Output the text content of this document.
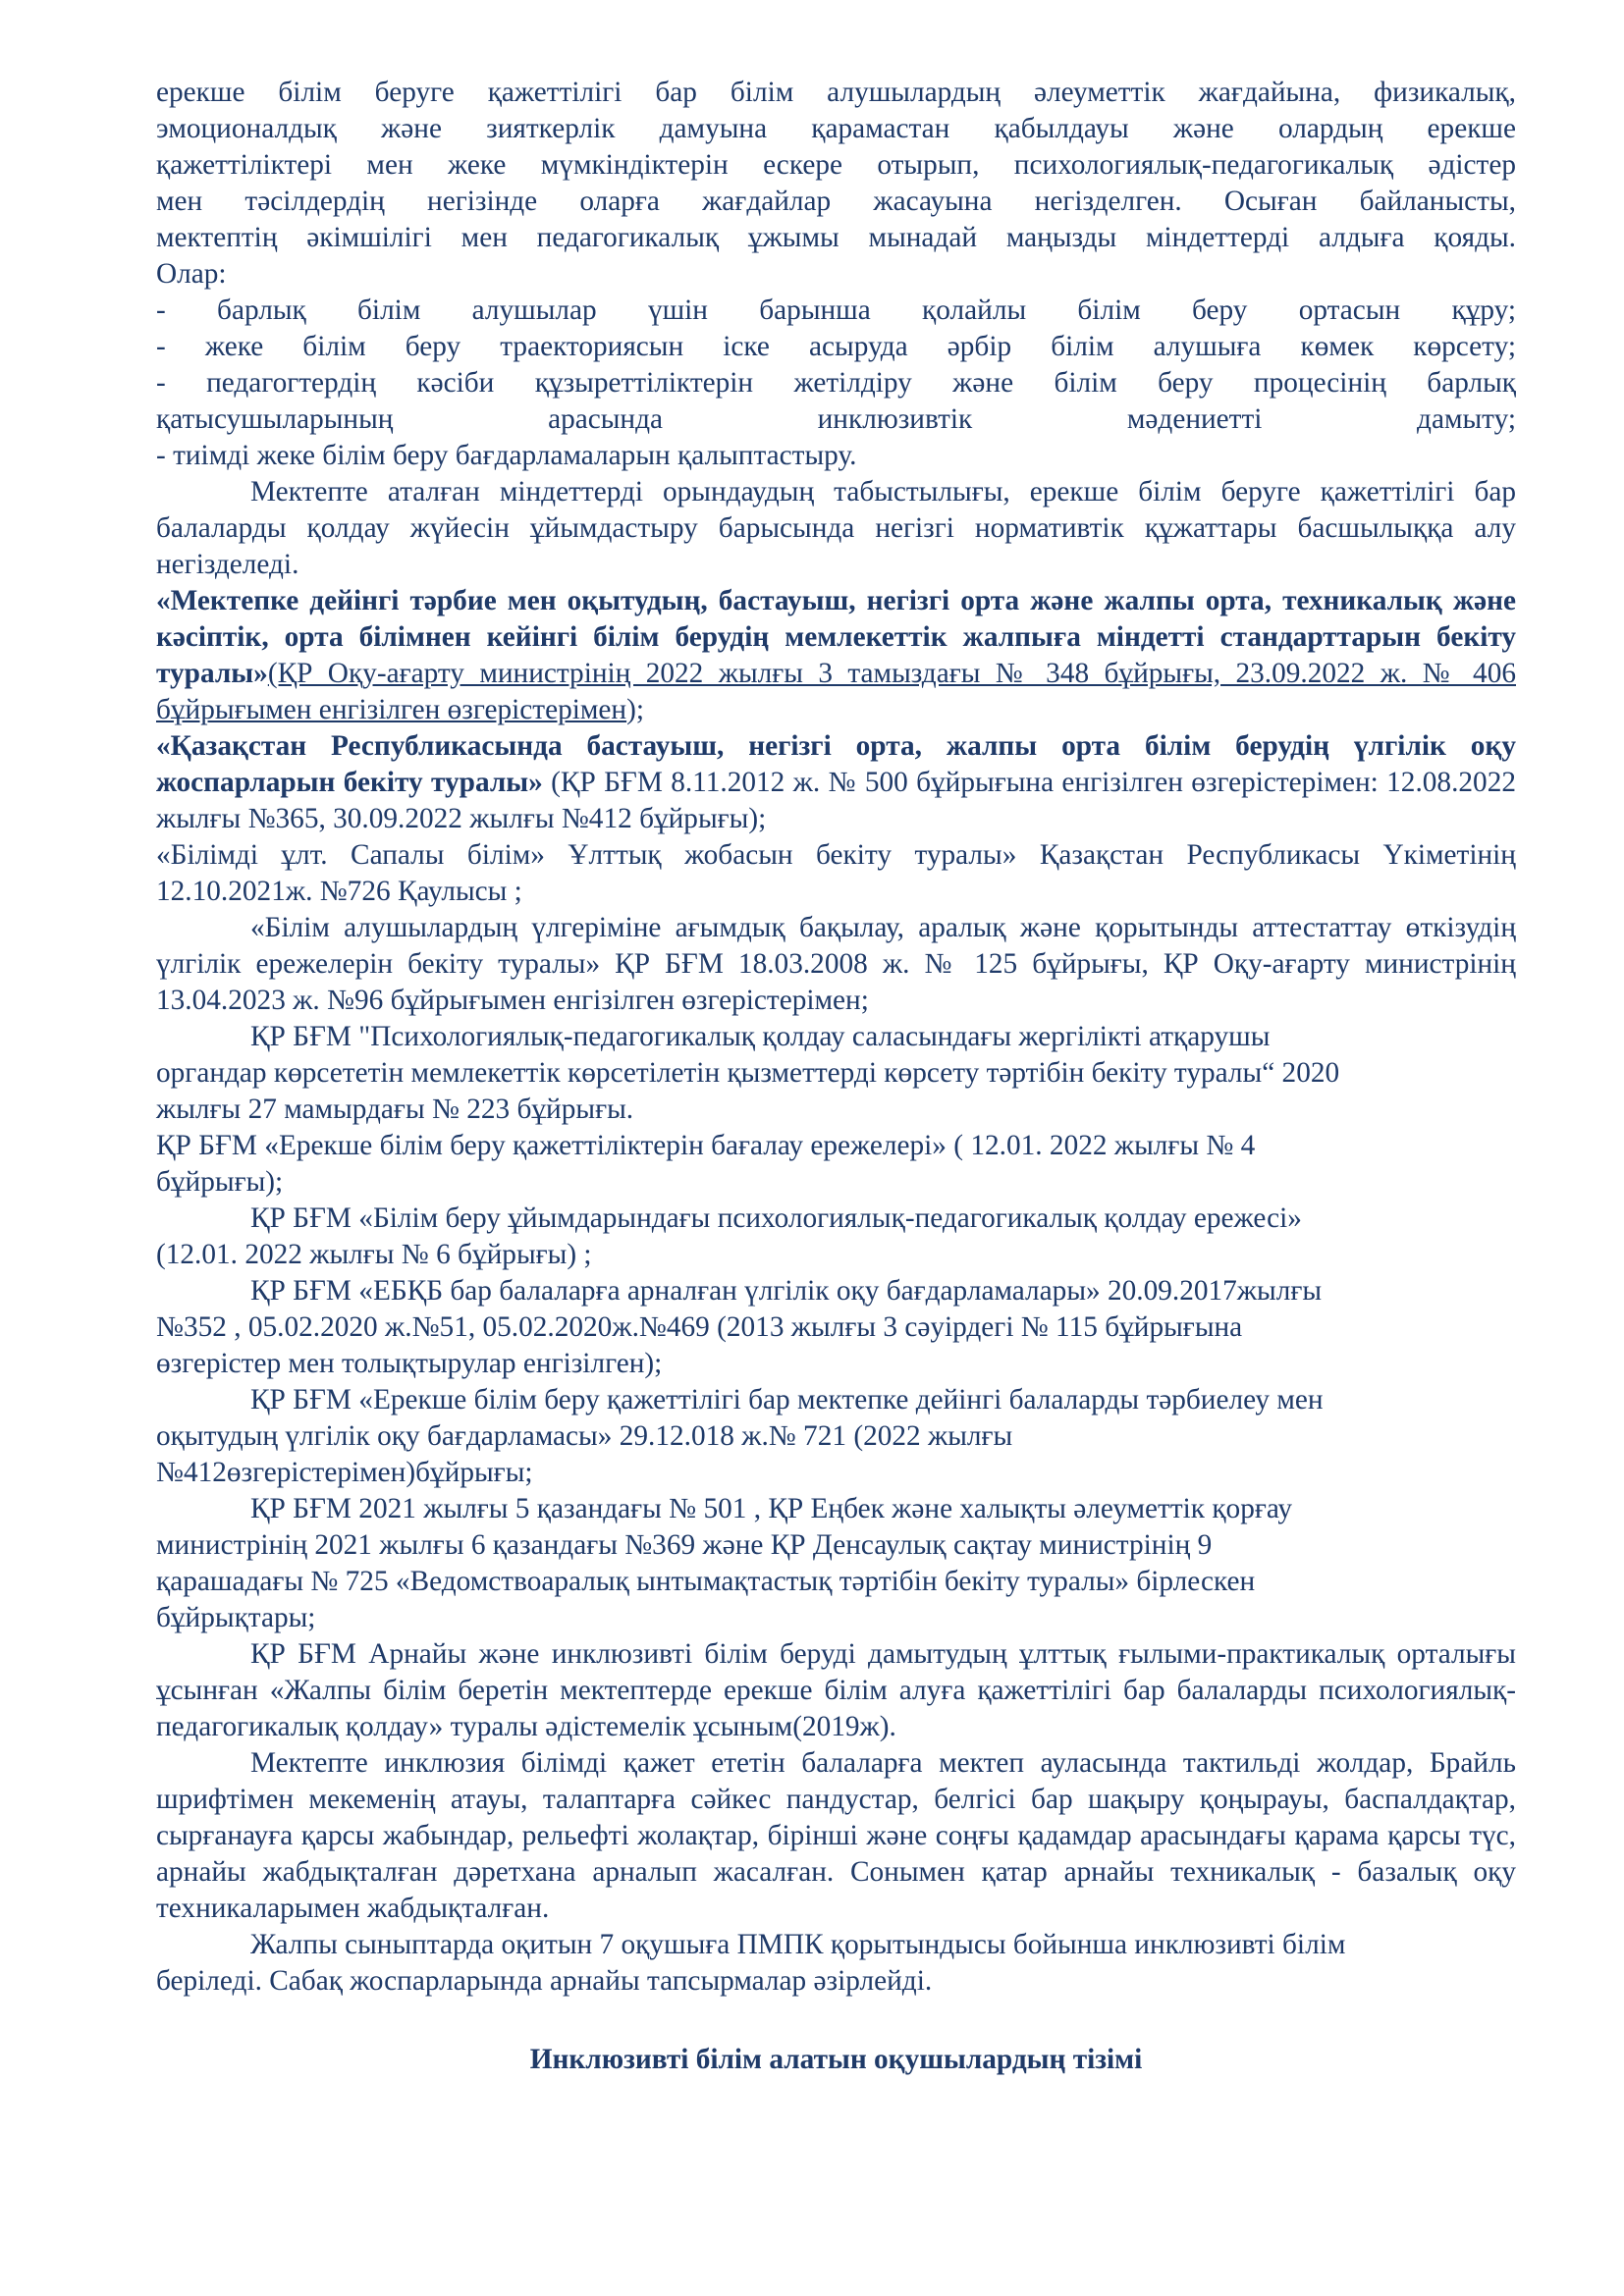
ерекше білім беруге қажеттілігі бар білім алушылардың әлеуметтік жағдайына, физикалық,
эмоционалдық және зияткерлік дамуына қарамастан қабылдауы және олардың ерекше
қажеттіліктері мен жеке мүмкіндіктерін ескере отырып, психологиялық-педагогикалық әдістер
мен тәсілдердің негізінде оларға жағдайлар жасауына негізделген. Осыған байланысты,
мектептің әкімшілігі мен педагогикалық ұжымы мынадай маңызды міндеттерді алдыға қояды.
Олар:

- барлық білім алушылар үшін барынша қолайлы білім беру ортасын құру;

- жеке білім беру траекториясын іске асыруда әрбір білім алушыға көмек көрсету;

- педагогтердің кәсіби құзыреттіліктерін жетілдіру және білім беру процесінің барлық

қатысушыларының арасында инклюзивтік мәдениетті дамыту;

- тиімді жеке білім беру бағдарламаларын қалыптастыру.

Мектепте аталған міндеттерді орындаудың табыстылығы, ерекше білім беруге қажеттілігі бар балаларды қолдау жүйесін ұйымдастыру барысында негізгі нормативтік құжаттары басшылыққа алу негізделеді.

«Мектепке дейінгі тәрбие мен оқытудың, бастауыш, негізгі орта және жалпы орта, техникалық және кәсіптік, орта білімнен кейінгі білім берудің мемлекеттік жалпыға міндетті стандарттарын бекіту туралы»(ҚР Оқу-ағарту министрінің 2022 жылғы 3 тамыздағы № 348 бұйрығы, 23.09.2022 ж. № 406 бұйрығымен енгізілген өзгерістерімен);

«Қазақстан Республикасында бастауыш, негізгі орта, жалпы орта білім берудің үлгілік оқу жоспарларын бекіту туралы» (ҚР БҒМ 8.11.2012 ж. № 500 бұйрығына енгізілген өзгерістерімен: 12.08.2022 жылғы №365, 30.09.2022 жылғы №412 бұйрығы);

«Білімді ұлт. Сапалы білім» Ұлттық жобасын бекіту туралы» Қазақстан Республикасы Үкіметінің 12.10.2021ж. №726 Қаулысы ;

«Білім алушылардың үлгеріміне ағымдық бақылау, аралық және қорытынды аттестаттау өткізудің үлгілік ережелерін бекіту туралы» ҚР БҒМ 18.03.2008 ж. № 125 бұйрығы, ҚР Оқу-ағарту министрінің 13.04.2023 ж. №96 бұйрығымен енгізілген өзгерістерімен;

ҚР БҒМ "Психологиялық-педагогикалық қолдау саласындағы жергілікті атқарушы
органдар көрсететін мемлекеттік көрсетілетін қызметтерді көрсету тәртібін бекіту туралы“ 2020
жылғы 27 мамырдағы № 223 бұйрығы.

ҚР БҒМ «Ерекше білім беру қажеттіліктерін бағалау ережелері» ( 12.01. 2022 жылғы № 4
бұйрығы);

ҚР БҒМ «Білім беру ұйымдарындағы психологиялық-педагогикалық қолдау ережесі»
(12.01. 2022 жылғы № 6 бұйрығы) ;

ҚР БҒМ «ЕБҚБ бар балаларға арналған үлгілік оқу бағдарламалары» 20.09.2017жылғы
№352 , 05.02.2020 ж.№51, 05.02.2020ж.№469 (2013 жылғы 3 сәуірдегі № 115 бұйрығына
өзгерістер мен толықтырулар енгізілген);

ҚР БҒМ «Ерекше білім беру қажеттілігі бар мектепке дейінгі балаларды тәрбиелеу мен
оқытудың үлгілік оқу бағдарламасы» 29.12.018 ж.№ 721 (2022 жылғы
№412өзгерістерімен)бұйрығы;

ҚР БҒМ 2021 жылғы 5 қазандағы № 501 , ҚР Еңбек және халықты әлеуметтік қорғау
министрінің 2021 жылғы 6 қазандағы №369 және ҚР Денсаулық сақтау министрінің 9
қарашадағы № 725 «Ведомствоаралық ынтымақтастық тәртібін бекіту туралы» бірлескен
бұйрықтары;

ҚР БҒМ Арнайы және инклюзивті білім беруді дамытудың ұлттық ғылыми-практикалық орталығы ұсынған «Жалпы білім беретін мектептерде ерекше білім алуға қажеттілігі бар балаларды психологиялық-педагогикалық қолдау» туралы әдістемелік ұсыным(2019ж).

Мектепте инклюзия білімді қажет ететін балаларға мектеп ауласында тактильді жолдар, Брайль шрифтімен мекеменің атауы, талаптарға сәйкес пандустар, белгісі бар шақыру қоңырауы, баспалдақтар, сырғанауға қарсы жабындар, рельефті жолақтар, бірінші және соңғы қадамдар арасындағы қарама қарсы түс, арнайы жабдықталған дәретхана арналып жасалған. Сонымен қатар арнайы техникалық - базалық оқу техникаларымен жабдықталған.

Жалпы сыныптарда оқитын 7 оқушыға ПМПК қорытындысы бойынша инклюзивті білім
беріледі. Сабақ жоспарларында арнайы тапсырмалар әзірлейді.

Инклюзивті білім алатын оқушылардың тізімі
